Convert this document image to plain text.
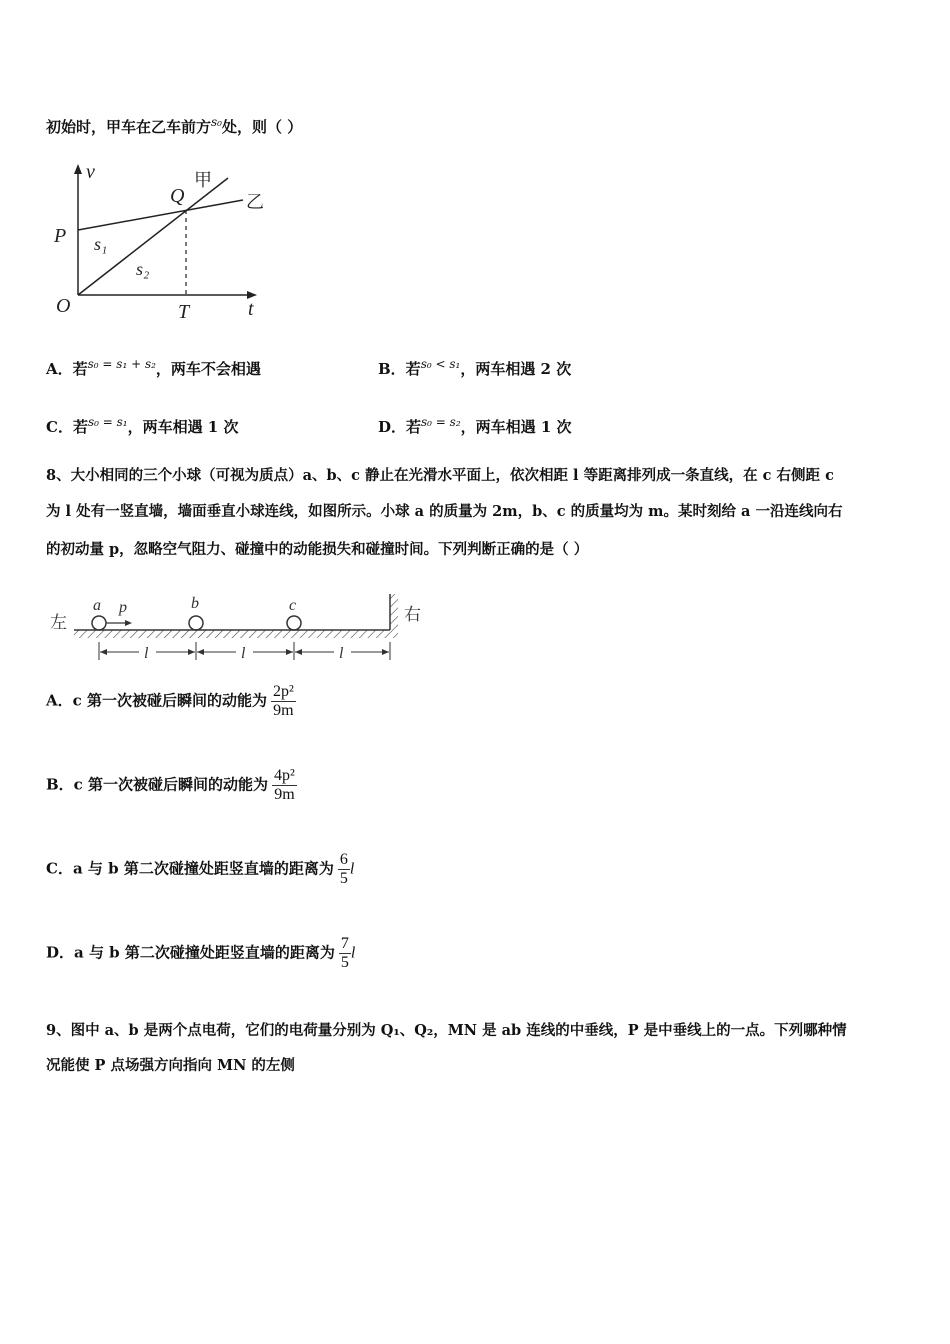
初始时，甲车在乙车前方$^{s_0}$处，则（ ）
v
t
O
P
Q
T
甲
乙
s₁
s₂
A．若$^{s_0 = s_1 + s_2}$，两车不会相遇	B．若$^{s_0 < s_1}$，两车相遇 2 次
C．若$^{s_0 = s_1}$，两车相遇 1 次	D．若$^{s_0 = s_2}$，两车相遇 1 次
8、大小相同的三个小球（可视为质点）a、b、c 静止在光滑水平面上，依次相距 l 等距离排列成一条直线，在 c 右侧距 c
为 l 处有一竖直墙，墙面垂直小球连线，如图所示。小球 a 的质量为 2m，b、c 的质量均为 m。某时刻给 a 一沿连线向右
的初动量 p，忽略空气阻力、碰撞中的动能损失和碰撞时间。下列判断正确的是（ ）
左	右
a p	b	c
l	l	l
A．c 第一次被碰后瞬间的动能为 $\frac{\text{2p²}}{9m}$
B．c 第一次被碰后瞬间的动能为 $\frac{\text{4p²}}{9m}$
C．a 与 b 第二次碰撞处距竖直墙的距离为 $\frac{6}{5}$ l
D．a 与 b 第二次碰撞处距竖直墙的距离为 $\frac{7}{5}$ l
9、图中 a、b 是两个点电荷，它们的电荷量分别为 Q₁、Q₂，MN 是 ab 连线的中垂线，P 是中垂线上的一点。下列哪种情
况能使 P 点场强方向指向 MN 的左侧
